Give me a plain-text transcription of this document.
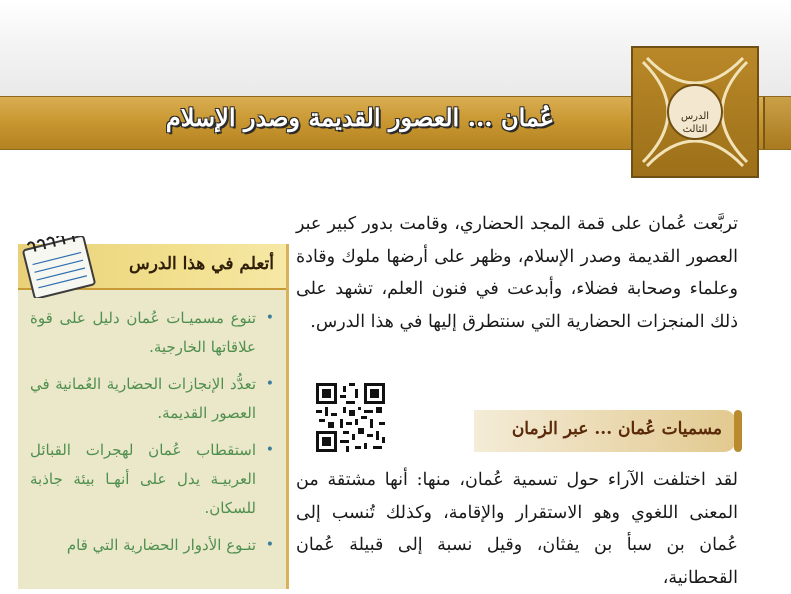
عُمان ... العصور القديمة وصدر الإسلام	الدرس الثالث
تربَّعت عُمان على قمة المجد الحضاري، وقامت بدور كبير عبر العصور القديمة وصدر الإسلام، وظهر على أرضها ملوك وقادة وعلماء وصحابة فضلاء، وأبدعت في فنون العلم، تشهد على ذلك المنجزات الحضارية التي سنتطرق إليها في هذا الدرس.
مسميات عُمان ... عبر الزمان
لقد اختلفت الآراء حول تسمية عُمان، منها: أنها مشتقة من المعنى اللغوي وهو الاستقرار والإقامة، وكذلك تُنسب إلى عُمان بن سبأ بن يفثان، وقيل نسبة إلى قبيلة عُمان القحطانية،
•
تنوع مسميـات عُمان دليل على قوة علاقاتها الخارجية.
•
تعدُّد الإنجازات الحضارية العُمانية في العصور القديمة.
•
استقطاب عُمان لهجرات القبائل العربيـة يدل على أنهـا بيئة جاذبة للسكان.
•
تنـوع الأدوار الحضارية التي قام
أتعلم في هذا الدرس
